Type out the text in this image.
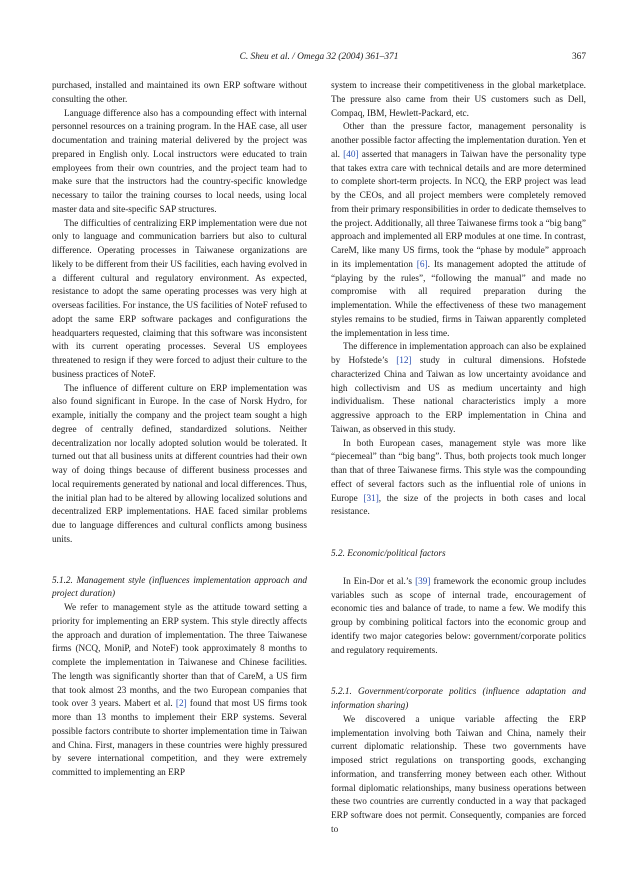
C. Sheu et al. / Omega 32 (2004) 361–371	367

purchased, installed and maintained its own ERP software without consulting the other.

Language difference also has a compounding effect with internal personnel resources on a training program. In the HAE case, all user documentation and training material delivered by the project was prepared in English only. Local instructors were educated to train employees from their own countries, and the project team had to make sure that the instructors had the country-specific knowledge necessary to tailor the training courses to local needs, using local master data and site-specific SAP structures.

The difficulties of centralizing ERP implementation were due not only to language and communication barriers but also to cultural difference. Operating processes in Taiwanese organizations are likely to be different from their US facilities, each having evolved in a different cultural and regulatory environment. As expected, resistance to adopt the same operating processes was very high at overseas facilities. For instance, the US facilities of NoteF refused to adopt the same ERP software packages and configurations the headquarters requested, claiming that this software was inconsistent with its current operating processes. Several US employees threatened to resign if they were forced to adjust their culture to the business practices of NoteF.

The influence of different culture on ERP implementation was also found significant in Europe. In the case of Norsk Hydro, for example, initially the company and the project team sought a high degree of centrally defined, standardized solutions. Neither decentralization nor locally adopted solution would be tolerated. It turned out that all business units at different countries had their own way of doing things because of different business processes and local requirements generated by national and local differences. Thus, the initial plan had to be altered by allowing localized solutions and decentralized ERP implementations. HAE faced similar problems due to language differences and cultural conflicts among business units.

5.1.2. Management style (influences implementation approach and project duration)

We refer to management style as the attitude toward setting a priority for implementing an ERP system. This style directly affects the approach and duration of implementation. The three Taiwanese firms (NCQ, MoniP, and NoteF) took approximately 8 months to complete the implementation in Taiwanese and Chinese facilities. The length was significantly shorter than that of CareM, a US firm that took almost 23 months, and the two European companies that took over 3 years. Mabert et al. [2] found that most US firms took more than 13 months to implement their ERP systems. Several possible factors contribute to shorter implementation time in Taiwan and China. First, managers in these countries were highly pressured by severe international competition, and they were extremely committed to implementing an ERP

system to increase their competitiveness in the global marketplace. The pressure also came from their US customers such as Dell, Compaq, IBM, Hewlett-Packard, etc.

Other than the pressure factor, management personality is another possible factor affecting the implementation duration. Yen et al. [40] asserted that managers in Taiwan have the personality type that takes extra care with technical details and are more determined to complete short-term projects. In NCQ, the ERP project was lead by the CEOs, and all project members were completely removed from their primary responsibilities in order to dedicate themselves to the project. Additionally, all three Taiwanese firms took a “big bang” approach and implemented all ERP modules at one time. In contrast, CareM, like many US firms, took the “phase by module” approach in its implementation [6]. Its management adopted the attitude of “playing by the rules”, “following the manual” and made no compromise with all required preparation during the implementation. While the effectiveness of these two management styles remains to be studied, firms in Taiwan apparently completed the implementation in less time.

The difference in implementation approach can also be explained by Hofstede’s [12] study in cultural dimensions. Hofstede characterized China and Taiwan as low uncertainty avoidance and high collectivism and US as medium uncertainty and high individualism. These national characteristics imply a more aggressive approach to the ERP implementation in China and Taiwan, as observed in this study.

In both European cases, management style was more like “piecemeal” than “big bang”. Thus, both projects took much longer than that of three Taiwanese firms. This style was the compounding effect of several factors such as the influential role of unions in Europe [31], the size of the projects in both cases and local resistance.

5.2. Economic/political factors

In Ein-Dor et al.’s [39] framework the economic group includes variables such as scope of internal trade, encouragement of economic ties and balance of trade, to name a few. We modify this group by combining political factors into the economic group and identify two major categories below: government/corporate politics and regulatory requirements.

5.2.1. Government/corporate politics (influence adaptation and information sharing)

We discovered a unique variable affecting the ERP implementation involving both Taiwan and China, namely their current diplomatic relationship. These two governments have imposed strict regulations on transporting goods, exchanging information, and transferring money between each other. Without formal diplomatic relationships, many business operations between these two countries are currently conducted in a way that packaged ERP software does not permit. Consequently, companies are forced to
